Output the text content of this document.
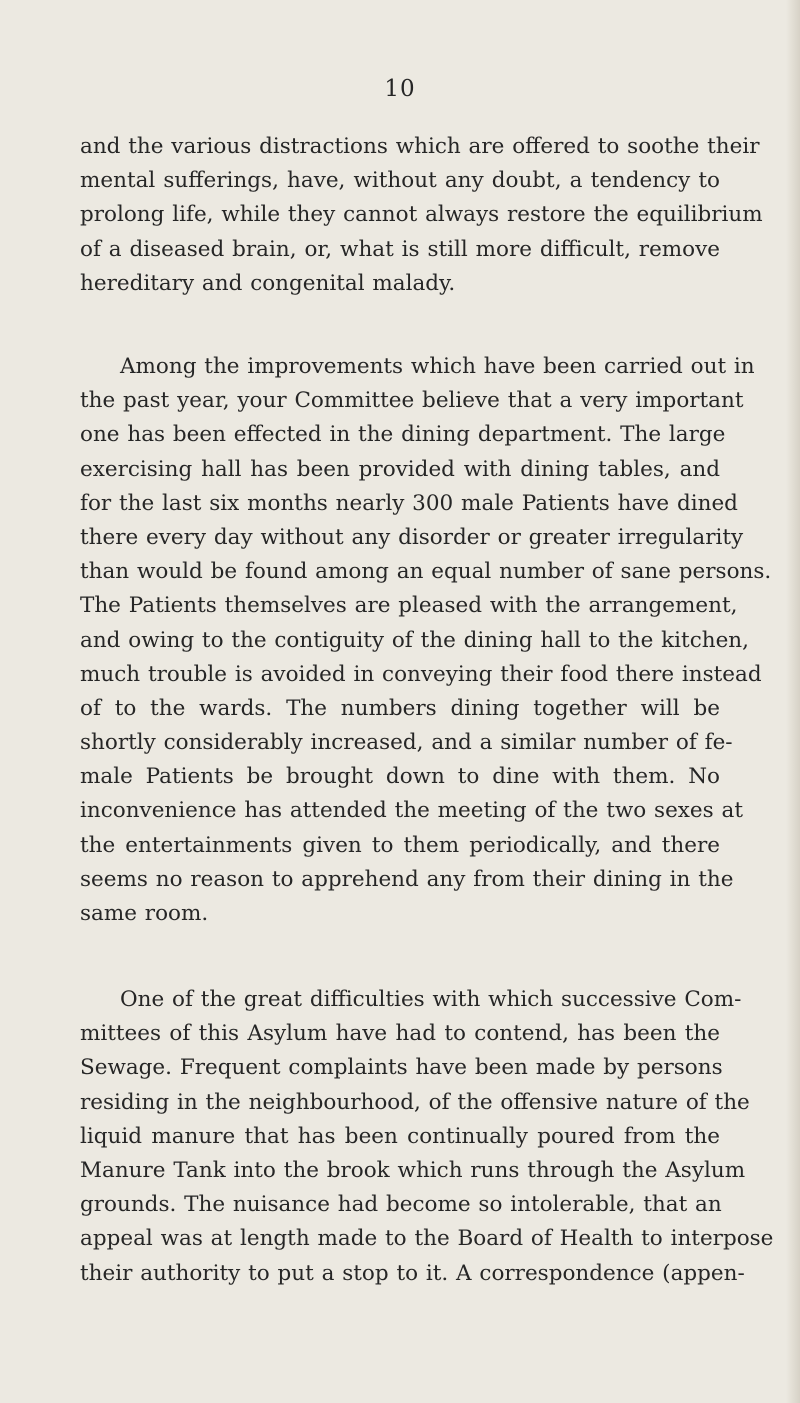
10
and the various distractions which are offered to soothe their
mental sufferings, have, without any doubt, a tendency to
prolong life, while they cannot always restore the equilibrium
of a diseased brain, or, what is still more difficult, remove
hereditary and congenital malady.
Among the improvements which have been carried out in
the past year, your Committee believe that a very important
one has been effected in the dining department. The large
exercising hall has been provided with dining tables, and
for the last six months nearly 300 male Patients have dined
there every day without any disorder or greater irregularity
than would be found among an equal number of sane persons.
The Patients themselves are pleased with the arrangement,
and owing to the contiguity of the dining hall to the kitchen,
much trouble is avoided in conveying their food there instead
of to the wards. The numbers dining together will be
shortly considerably increased, and a similar number of fe-
male Patients be brought down to dine with them. No
inconvenience has attended the meeting of the two sexes at
the entertainments given to them periodically, and there
seems no reason to apprehend any from their dining in the
same room.
One of the great difficulties with which successive Com-
mittees of this Asylum have had to contend, has been the
Sewage. Frequent complaints have been made by persons
residing in the neighbourhood, of the offensive nature of the
liquid manure that has been continually poured from the
Manure Tank into the brook which runs through the Asylum
grounds. The nuisance had become so intolerable, that an
appeal was at length made to the Board of Health to interpose
their authority to put a stop to it. A correspondence (appen-
